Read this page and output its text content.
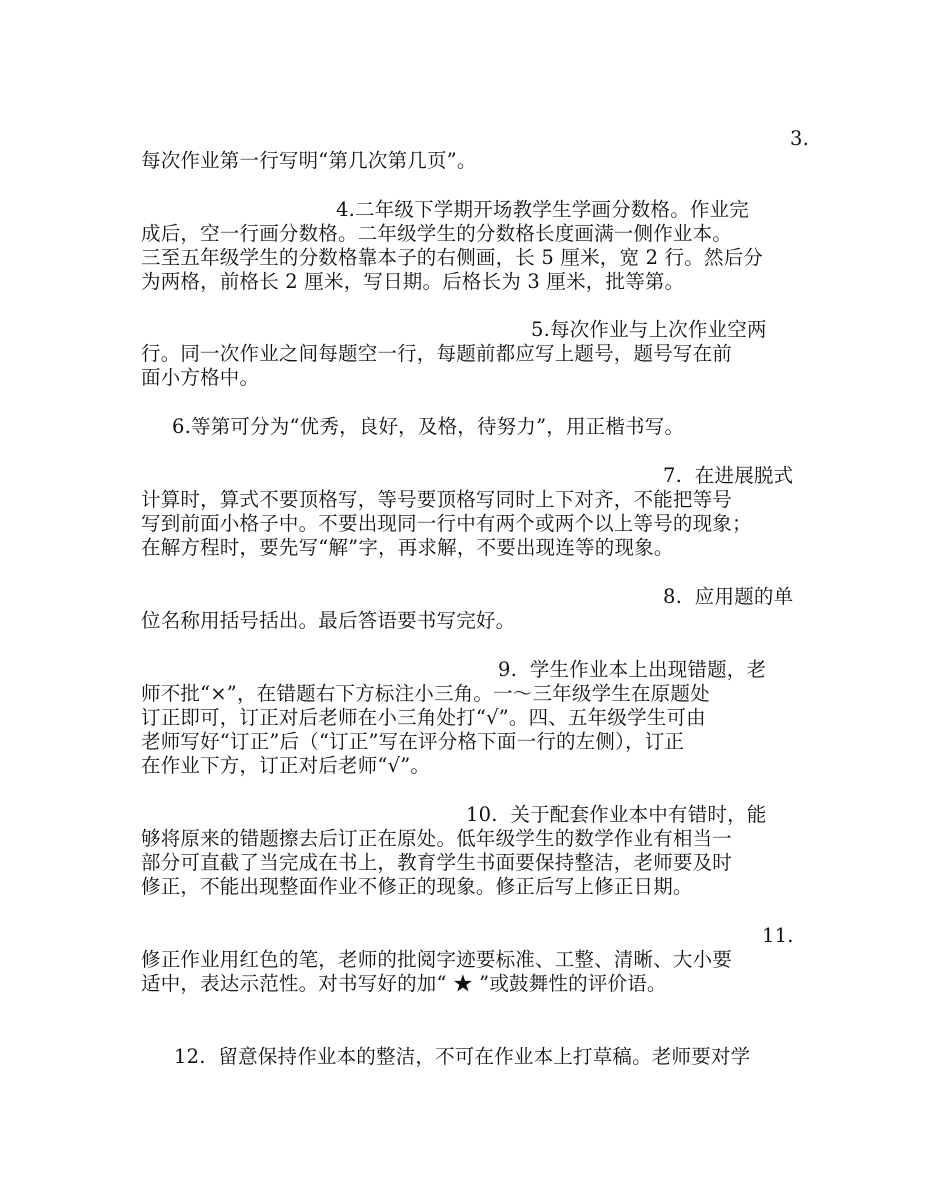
3.
每次作业第一行写明“第几次第几页”。
4.二年级下学期开场教学生学画分数格。作业完
成后，空一行画分数格。二年级学生的分数格长度画满一侧作业本。
三至五年级学生的分数格靠本子的右侧画，长 5 厘米，宽 2 行。然后分
为两格，前格长 2 厘米，写日期。后格长为 3 厘米，批等第。
5.每次作业与上次作业空两
行。同一次作业之间每题空一行，每题前都应写上题号，题号写在前
面小方格中。
6.等第可分为“优秀，良好，及格，待努力”，用正楷书写。
7.  在进展脱式
计算时，算式不要顶格写，等号要顶格写同时上下对齐，不能把等号
写到前面小格子中。不要出现同一行中有两个或两个以上等号的现象；
在解方程时，要先写“解”字，再求解，不要出现连等的现象。
8.  应用题的单
位名称用括号括出。最后答语要书写完好。
9.  学生作业本上出现错题，老
师不批“×”，在错题右下方标注小三角。一～三年级学生在原题处
订正即可，订正对后老师在小三角处打“√”。四、五年级学生可由
老师写好“订正”后（“订正”写在评分格下面一行的左侧），订正
在作业下方，订正对后老师“√”。
10.  关于配套作业本中有错时，能
够将原来的错题擦去后订正在原处。低年级学生的数学作业有相当一
部分可直截了当完成在书上，教育学生书面要保持整洁，老师要及时
修正，不能出现整面作业不修正的现象。修正后写上修正日期。
11.
修正作业用红色的笔，老师的批阅字迹要标准、工整、清晰、大小要
适中，表达示范性。对书写好的加“ ★ ”或鼓舞性的评价语。
12.  留意保持作业本的整洁，不可在作业本上打草稿。老师要对学
